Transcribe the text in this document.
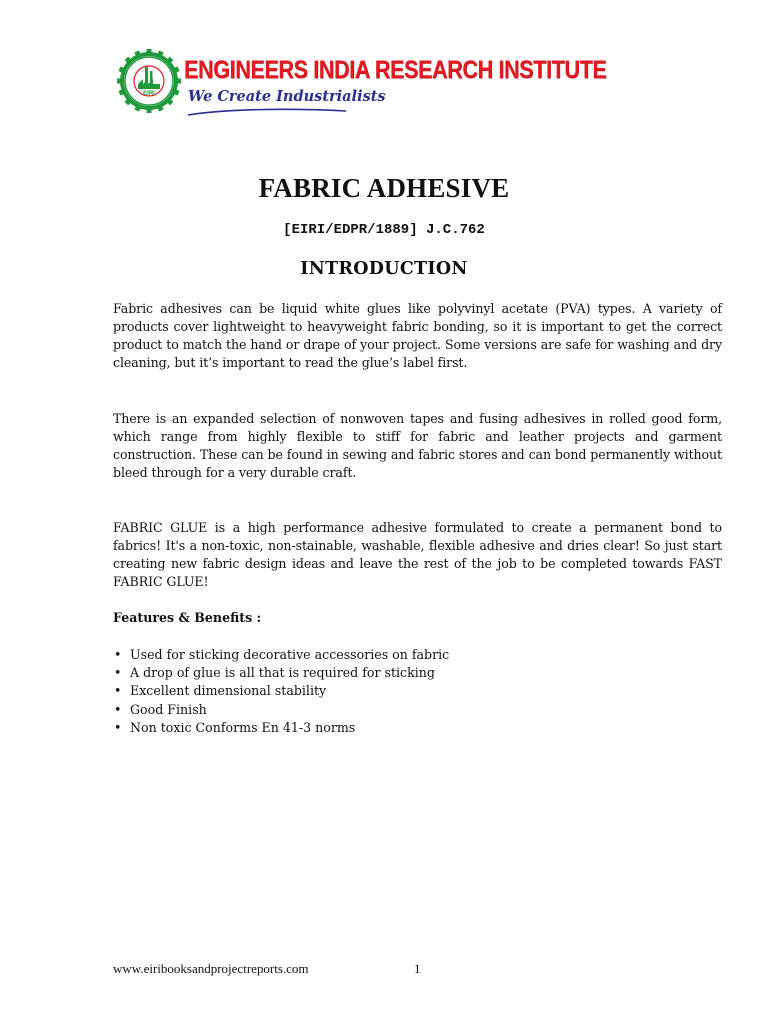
EIRI
ENGINEERS INDIA RESEARCH INSTITUTE
We Create Industrialists
FABRIC ADHESIVE
[EIRI/EDPR/1889] J.C.762
INTRODUCTION

Fabric adhesives can be liquid white glues like polyvinyl acetate (PVA) types. A variety of products cover lightweight to heavyweight fabric bonding, so it is important to get the correct product to match the hand or drape of your project. Some versions are safe for washing and dry cleaning, but it’s important to read the glue’s label first.

There is an expanded selection of nonwoven tapes and fusing adhesives in rolled good form, which range from highly flexible to stiff for fabric and leather projects and garment construction. These can be found in sewing and fabric stores and can bond permanently without bleed through for a very durable craft.

FABRIC GLUE is a high performance adhesive formulated to create a permanent bond to fabrics! It's a non-toxic, non-stainable, washable, flexible adhesive and dries clear! So just start creating new fabric design ideas and leave the rest of the job to be completed towards FAST FABRIC GLUE!

Features & Benefits :
• Used for sticking decorative accessories on fabric
• A drop of glue is all that is required for sticking
• Excellent dimensional stability
• Good Finish
• Non toxic Conforms En 41-3 norms
www.eiribooksandprojectreports.com	1
